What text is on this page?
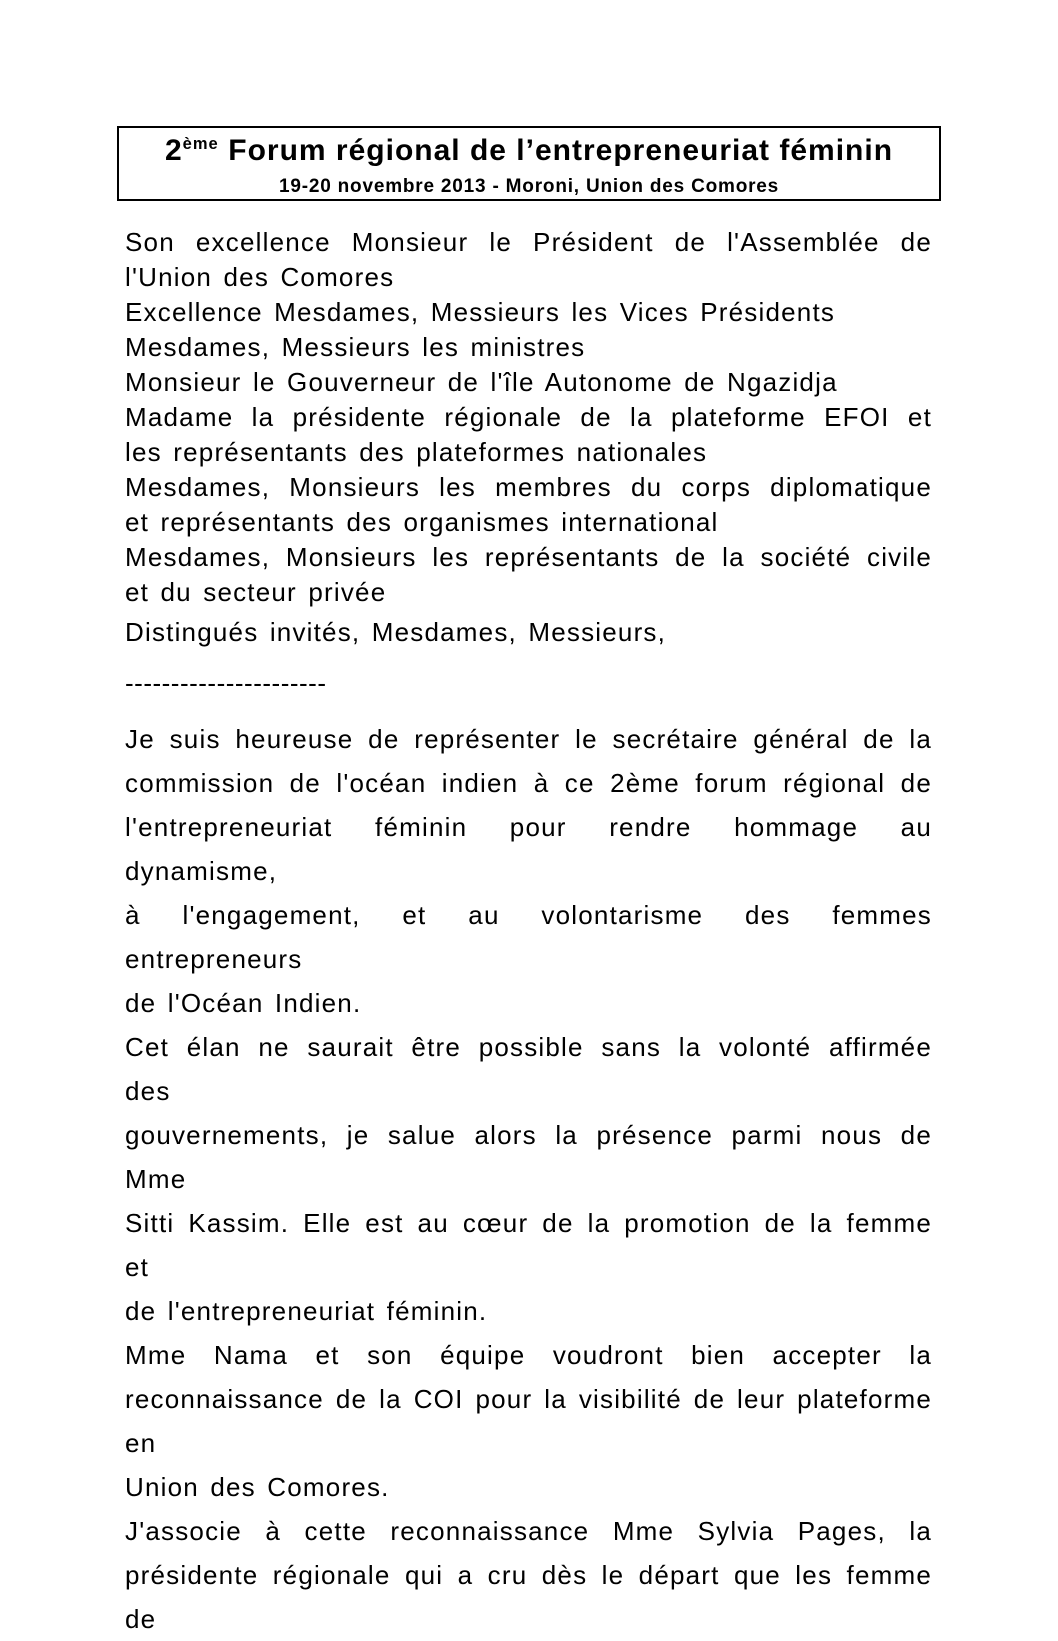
2ème Forum régional de l’entrepreneuriat féminin
19-20 novembre 2013 - Moroni, Union des Comores
Son excellence Monsieur le Président de l'Assemblée de
l'Union des Comores
Excellence Mesdames, Messieurs les Vices Présidents
Mesdames, Messieurs les ministres
Monsieur le Gouverneur de l'île Autonome de Ngazidja
Madame la présidente régionale de la plateforme EFOI et
les représentants des plateformes nationales
Mesdames, Monsieurs les membres du corps diplomatique
et représentants des organismes international
Mesdames, Monsieurs les représentants de la société civile
et du secteur privée
Distingués invités, Mesdames, Messieurs,
----------------------
Je suis heureuse de représenter le secrétaire général de la
commission de l'océan indien à ce 2ème forum régional de
l'entrepreneuriat féminin pour rendre hommage au dynamisme,
à l'engagement, et au volontarisme des femmes entrepreneurs
de l'Océan Indien.
Cet élan ne saurait être possible sans la volonté affirmée des
gouvernements, je salue alors la présence parmi nous de Mme
Sitti Kassim. Elle est au cœur de la promotion de la femme et
de l'entrepreneuriat féminin.
Mme Nama et son équipe voudront bien accepter la
reconnaissance de la COI pour la visibilité de leur plateforme en
Union des Comores.
J'associe à cette reconnaissance Mme Sylvia Pages, la
présidente régionale qui a cru dès le départ que les femme de
